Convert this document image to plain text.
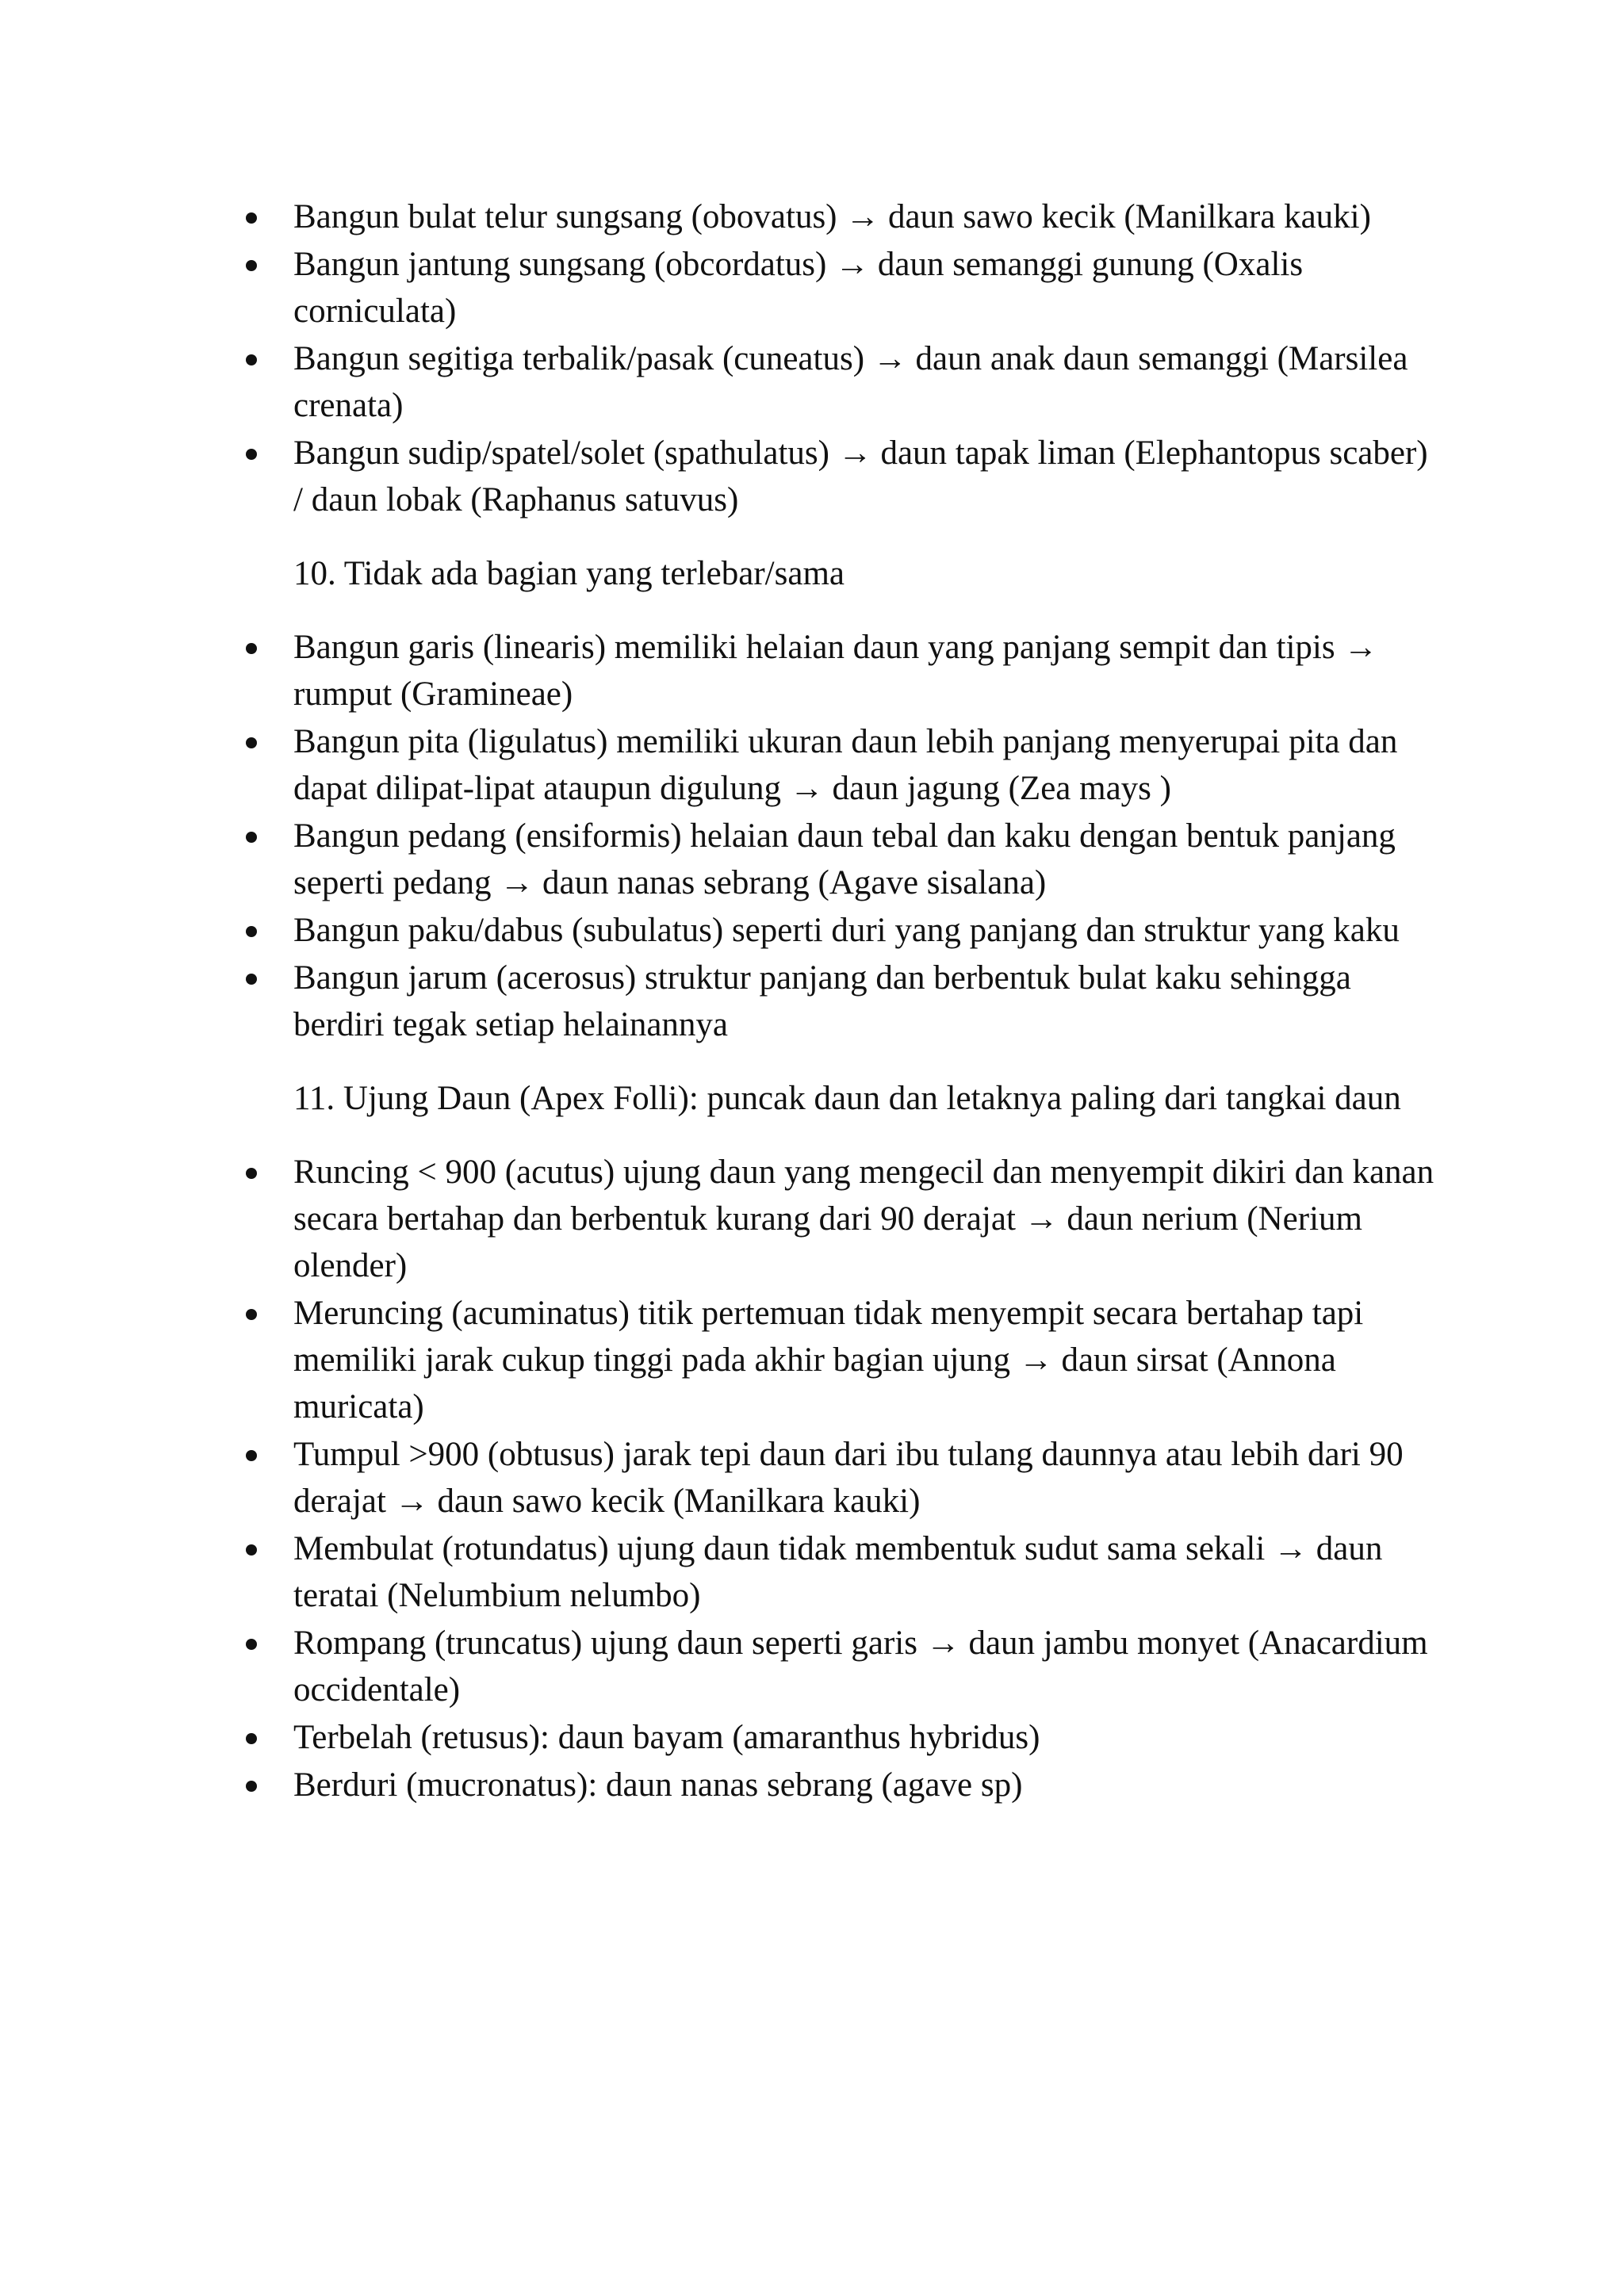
Bangun bulat telur sungsang (obovatus) → daun sawo kecik (Manilkara kauki)
Bangun jantung sungsang (obcordatus) → daun semanggi gunung (Oxalis corniculata)
Bangun segitiga terbalik/pasak (cuneatus) → daun anak daun semanggi (Marsilea crenata)
Bangun sudip/spatel/solet (spathulatus) → daun tapak liman (Elephantopus scaber) / daun lobak (Raphanus satuvus)
10. Tidak ada bagian yang terlebar/sama
Bangun garis (linearis) memiliki helaian daun yang panjang sempit dan tipis → rumput (Gramineae)
Bangun pita (ligulatus) memiliki ukuran daun lebih panjang menyerupai pita dan dapat dilipat-lipat ataupun digulung → daun jagung (Zea mays )
Bangun pedang (ensiformis) helaian daun tebal dan kaku dengan bentuk panjang seperti pedang → daun nanas sebrang (Agave sisalana)
Bangun paku/dabus (subulatus) seperti duri yang panjang dan struktur yang kaku
Bangun jarum (acerosus) struktur panjang dan berbentuk bulat kaku sehingga berdiri tegak setiap helainannya
11. Ujung Daun (Apex Folli): puncak daun dan letaknya paling dari tangkai daun
Runcing < 900 (acutus) ujung daun yang mengecil dan menyempit dikiri dan kanan secara bertahap dan berbentuk kurang dari 90 derajat → daun nerium (Nerium olender)
Meruncing (acuminatus) titik pertemuan tidak menyempit secara bertahap tapi memiliki jarak cukup tinggi pada akhir bagian ujung → daun sirsat (Annona muricata)
Tumpul >900 (obtusus) jarak tepi daun dari ibu tulang daunnya atau lebih dari 90 derajat → daun sawo kecik (Manilkara kauki)
Membulat (rotundatus) ujung daun tidak membentuk sudut sama sekali → daun teratai (Nelumbium nelumbo)
Rompang (truncatus) ujung daun seperti garis → daun jambu monyet (Anacardium occidentale)
Terbelah (retusus): daun bayam (amaranthus hybridus)
Berduri (mucronatus): daun nanas sebrang (agave sp)
